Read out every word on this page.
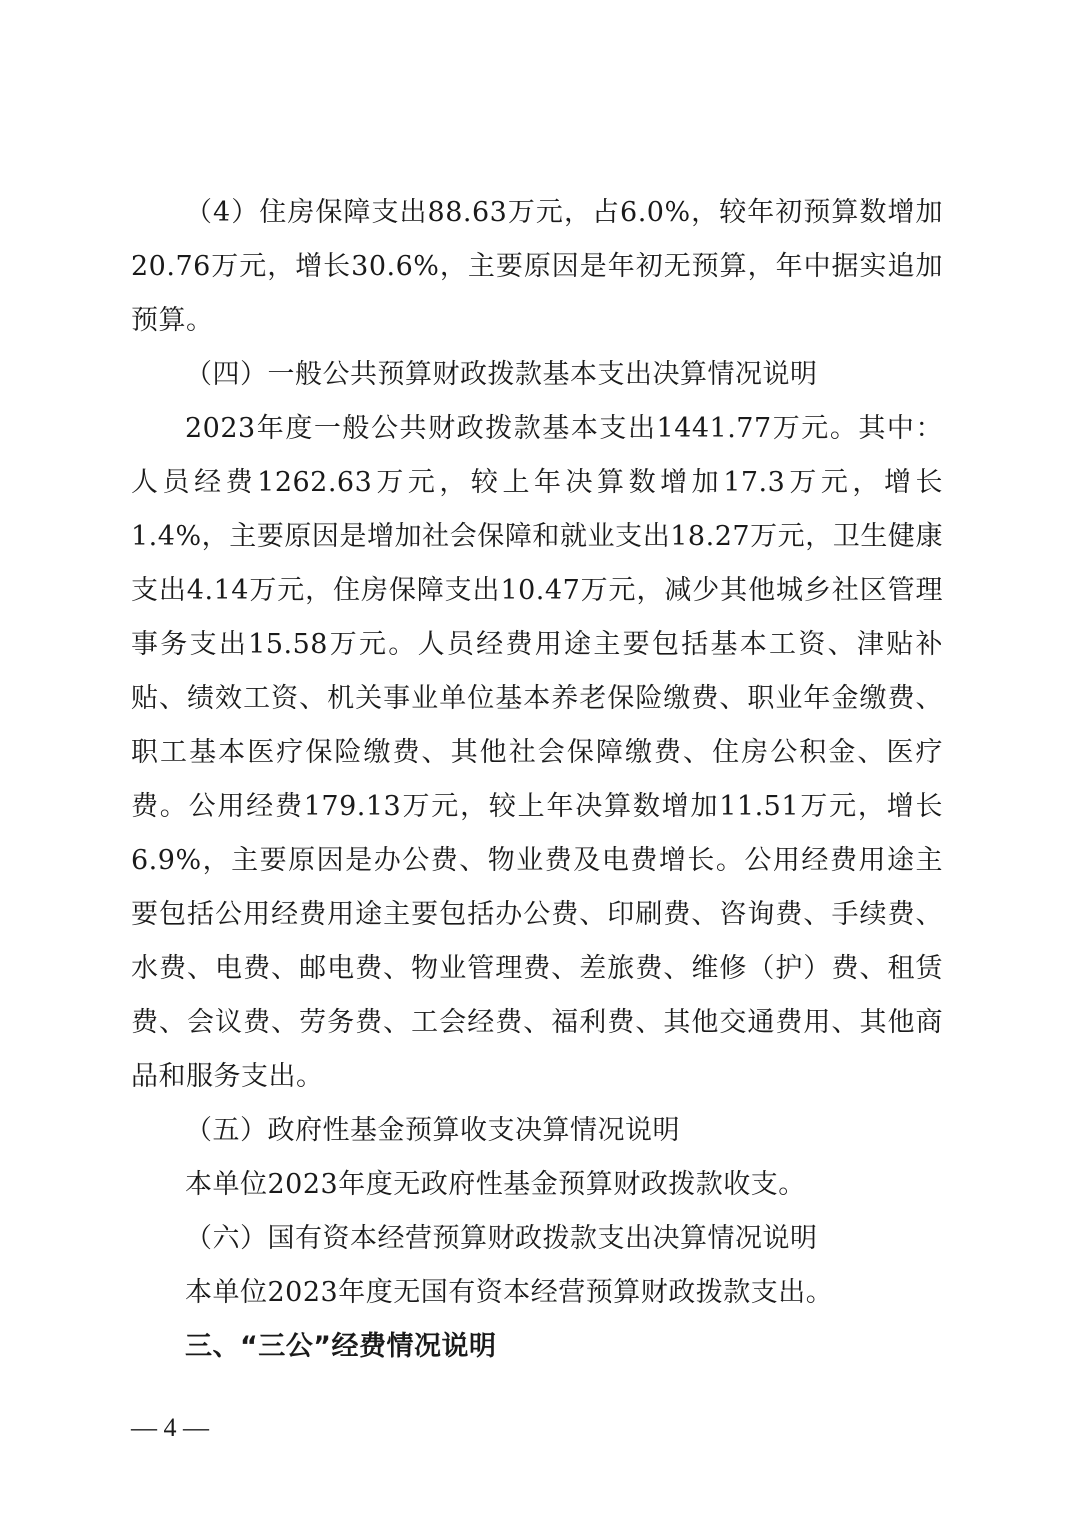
（4）住房保障支出88.63万元，占6.0%，较年初预算数增加20.76万元，增长30.6%，主要原因是年初无预算，年中据实追加预算。

（四）一般公共预算财政拨款基本支出决算情况说明

2023年度一般公共财政拨款基本支出1441.77万元。其中：人员经费1262.63万元，较上年决算数增加17.3万元，增长1.4%，主要原因是增加社会保障和就业支出18.27万元，卫生健康支出4.14万元，住房保障支出10.47万元，减少其他城乡社区管理事务支出15.58万元。人员经费用途主要包括基本工资、津贴补贴、绩效工资、机关事业单位基本养老保险缴费、职业年金缴费、职工基本医疗保险缴费、其他社会保障缴费、住房公积金、医疗费。公用经费179.13万元，较上年决算数增加11.51万元，增长6.9%，主要原因是办公费、物业费及电费增长。公用经费用途主要包括公用经费用途主要包括办公费、印刷费、咨询费、手续费、水费、电费、邮电费、物业管理费、差旅费、维修（护）费、租赁费、会议费、劳务费、工会经费、福利费、其他交通费用、其他商品和服务支出。

（五）政府性基金预算收支决算情况说明

本单位2023年度无政府性基金预算财政拨款收支。

（六）国有资本经营预算财政拨款支出决算情况说明

本单位2023年度无国有资本经营预算财政拨款支出。

三、“三公”经费情况说明

— 4 —
